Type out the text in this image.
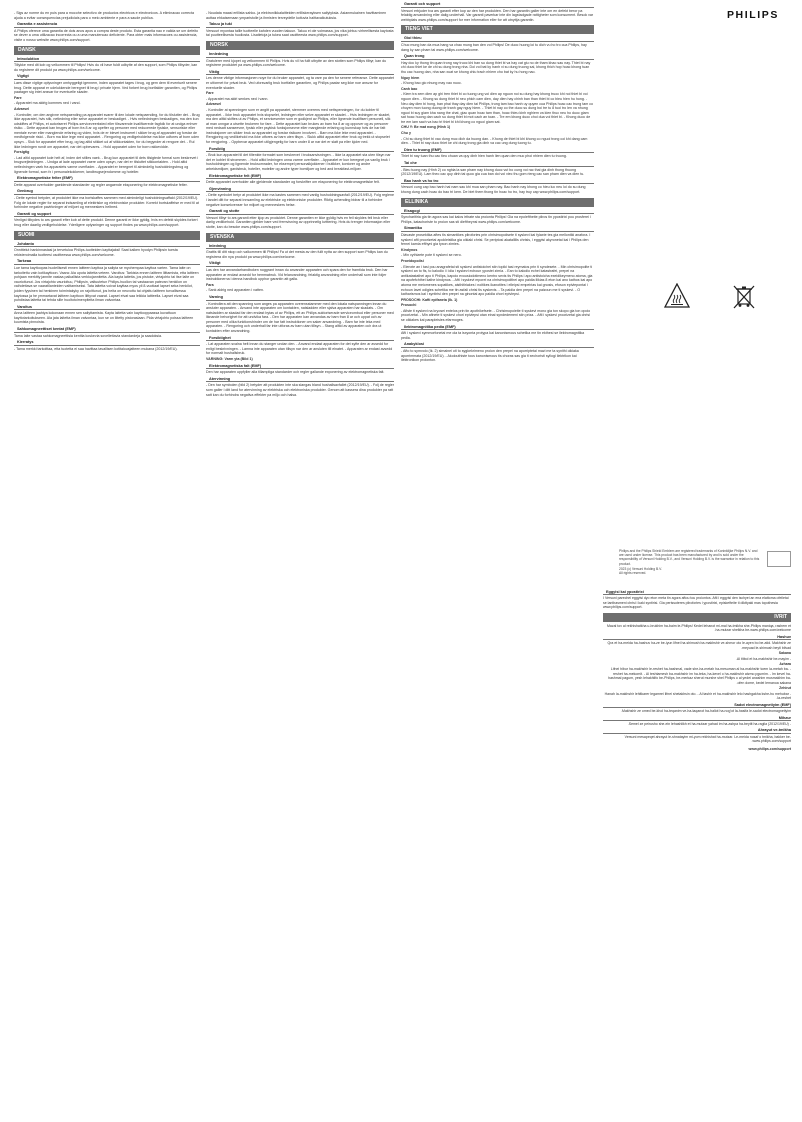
PHILIPS
- Sigs az norme du en puis para a mocohe selectivo de productos electricos e electronicos. A eliminacao correcta ajuda a evitar consequencias prejudiciais para o meio ambiente e para a saude publica.
Garantia e assistencia
A Philips oferece uma garantia de dois anos apos a compra deste produto. Esta garantia nao e valida se um defeito se dever a uma utilizacao incorrecta ou a uma manutencao deficiente. Para obter mais informacoes ou assistencia, visite o nosso website www.philips.com/support.
DANSK
Introduktion
Tillykke med dit kob og velkommen til Philips! Hvis du vil have fuldt udbytte af den support, som Philips tilbyder, kan du registrere dit produkt pa www.philips.com/welcome.
Vigtigt
Laes disse vigtige oplysninger omhyggeligt igennem, inden apparatet tages i brug, og gem dem til eventuelt senere brug. Dette apparat er udelukkende beregnet til brug i private hjem. Ved forkert brug bortfalder garantien, og Philips paatager sig intet ansvar for eventuelle skader.
Fare
- Apparatet ma aldrig kommes ned i vand.
Advarsel
- Kontroller, om den angivne netspaending pa apparatet svarer til den lokale netspaending, for du tilslutter det. - Brug ikke apparatet, hvis stik, netledning eller selve apparatet er beskadiget. - Hvis netledningen beskadiges, ma den kun udskiftes af Philips, et autoriseret Philips-serviceveerksted eller tilsvarende kvalificerede fagfolk for at undga enhver risiko. - Dette apparat kan bruges af born fra 8 ar og opefter og personer med reducerede fysiske, sensoriske eller mentale evner eller manglende erfaring og viden, hvis de er blevet instrueret i sikker brug af apparatet og forstar de medfolgende risici. - Born ma ikke lege med apparatet. - Rengoring og vedligeholdelse ma ikke udfores af born uden opsyn. - Sluk for apparatet efter brug, og tag altid stikket ud af stikkontakten, for du begynder at rengore det. - Rul ikke ledningen rundt om apparatet, nar det opbevares. - Hold apparatet uden for born rakkevidde.
Forsigtig
- Lad altid apparatet kole helt af, inden det stilles vaek. - Brug kun apparatet til dets tilsigtede formal som beskrevet i brugsvejledningen. - Undga at lade apparatet vaere uden opsyn, nar det er tilsluttet stikkontakten. - Hold altid netledningen vaek fra apparatets varme overflader. - Apparatet er beregnet til almindelig husholdningsbrug og lignende formal, som fx i personalekokkener, landbrugsejendomme og hoteller.
Elektromagnetiske felter (EMF)
Dette apparat overholder gaeldende standarder og regler angaende eksponering for elektromagnetiske felter.
Genbrug
- Dette symbol betyder, at produktet ikke ma bortskaffes sammen med almindeligt husholdningsaffald (2012/19/EU). Folg de lokale regler for separat indsamling af elektriske og elektroniske produkter. Korrekt bortskaffelse er med til at forhindre negative pavirkninger af miljoet og menneskers helbred.
Garanti og support
Venligst tilbydes to ars garanti efter kob af dette produkt. Denne garanti er ikke gyldig, hvis en defekt skyldes forkert brug eller daarlig vedligeholdelse. Yderligere oplysninger og support findes pa www.philips.com/support.
SUOMI
Johdanto
Onnittelut hankinnastasi ja tervetuloa Philips-tuotteiden kayttajaksi! Saat kaiken hyodyn Philipsin tuesta rekisteroimalla tuotteesi osoitteessa www.philips.com/welcome.
Tarkeaa
Lue tama kayttoopas huolellisesti ennen laitteen kayttoa ja sailyta se myohempaa kayttoa varten. Tama laite on tarkoitettu vain kotikayttoon. Vaara: Ala upota laitetta veteen. Varoitus: Tarkista ennen laitteen liittamista, etta laitteen pohjaan merkitty jannite vastaa paikallista verkkojannitetta. Ala kayta laitetta, jos pistoke, virtajohto tai itse laite on vaurioitunut. Jos virtajohto vaurioituu, Philipsin, valtuutetun Philips-huollon tai vastaavan patevan henkilon on vaihdettava se vaaratilanteiden valttamiseksi. Tata laitetta voivat kayttaa myos yli 8-vuotiaat lapset seka henkilot, joiden fyysinen tai henkinen toimintakyky on rajoittunut, jos heita on neuvottu tai ohjattu laitteen turvallisessa kaytossa ja he ymmartavat laitteen kayttoon liittyvat vaarat. Lapset eivat saa leikkia laitteella. Lapset eivat saa puhdistaa laitetta tai tehda sille huoltotoimenpiteita ilman valvontaa.
Varoitus
Anna laitteen jaahtya kokonaan ennen sen sailyttamista. Kayta laitetta vain kayttooppaassa kuvattuun kayttotarkoitukseen. Ala jata laitetta ilman valvontaa, kun se on liitetty pistorasiaan. Pida virtajohto poissa laitteen kuumista pinnoista.
Sahkomagneettiset kentat (EMF)
Tama laite vastaa sahkomagneettisia kenttia koskevia sovellettavia standardeja ja saadoksia.
Kierratys
- Tama merkki tarkoittaa, etta tuotetta ei saa havittaa tavallisen kotitalousjatteen mukana (2012/19/EU).
- Noudata maasi erillista sahko- ja elektroniikkalaitteiden erilliskerayksen sailytyksia. Asianmukainen havittaminen auttaa ehkaisemaan ymparistolle ja ihmisten terveydelle koituvia haittavaikutuksia.
Takuu ja tuki
Versuuri myontaa tallle tuotteelle kahden vuoden takuun. Takuu ei ole voimassa, jos vika johtuu virheellisesta kaytosta tai puutteellisesta huollosta. Lisatietoja ja tukea saat osoitteesta www.philips.com/support.
NORSK
Innledning
Gratulerer med kjopet og velkommen til Philips. Hvis du vil ha fullt utbytte av den stotten som Philips tilbyr, kan du registrere produktet pa www.philips.com/welcome.
Viktig
Les denne viktige informasjonen noye for du bruker apparatet, og ta vare pa den for senere referanse. Dette apparatet er utformet for privat bruk. Ved uforsvarlig bruk bortfaller garantien, og Philips paatar seg ikke noe ansvar for eventuelle skader.
Fare
- Apparatet ma aldri senkes ned i vann.
Advarsel
- Kontroller at spenningen som er angitt pa apparatet, stemmer overens med nettspenningen, for du kobler til apparatet. - Ikke bruk apparatet hvis stopselet, ledningen eller selve apparatet er skadet. - Hvis ledningen er skadet, ma den alltid skiftes ut av Philips, et servicesenter som er godkjent av Philips, eller lignende kvalifisert personell, slik at man unngar a utsette brukeren for fare. - Dette apparatet kan brukes av barn fra 8 ar og oppover og av personer med nedsatt sanseevne, fysisk eller psykisk funksjonsevne eller manglende erfaring og kunnskap hvis de har fatt instruksjoner om sikker bruk av apparatet og forstar risikoen involvert. - Barn ma ikke leke med apparatet. - Rengjoring og vedlikehold ma ikke utfores av barn uten tilsyn. - Slukk alltid apparatet etter bruk og trekk ut stopselet for rengjoring. - Oppbevar apparatet utilgjengelig for barn under 8 ar nar det er slatt pa eller kjoler ned.
Forsiktig
- Bruk kun apparatet til det tiltenkte formalet som beskrevet i bruksanvisningen. - Ikke la apparatet sta uten tilsyn nar det er koblet til strommen. - Hold alltid ledningen unna varme overflater. - Apparatet er kun beregnet pa vanlig bruk i husholdningen og lignende bruksomrader, for eksempel personalkjokkener i butikker, kontorer og andre arbeidsmiljoer, gardsbruk, hoteller, moteller og andre typer bomiljoer og bed and breakfast-miljoer.
Elektromagnetiske felt (EMF)
Dette apparatet overholder alle gjeldende standarder og forskrifter om eksponering for elektromagnetiske felt.
Gjenvinning
- Dette symbolet betyr at produktet ikke ma kastes sammen med vanlig husholdningsavfall (2012/19/EU). Folg reglene i landet ditt for separat innsamling av elektriske og elektroniske produkter. Riktig avhending bidrar til a forhindre negative konsekvenser for miljoet og menneskers helse.
Garanti og stotte
Versuni tilbyr to ars garanti etter kjop av produktet. Denne garantien er ikke gyldig hvis en feil skyldes feil bruk eller darlig vedlikehold. Garantien gjelder bare ved fremvisning av opprinnelig kvittering. Hvis du trenger informasjon eller stotte, kan du besoke www.philips.com/support.
SVENSKA
Inledning
Grattis till ditt nkop och valkommen till Philips! Fa ut det mesta av den fullt nytta av den support som Philips kan du registrera din nya produkt pa www.philips.com/welcome.
Viktigt
Las den har anvandarhandboken noggrant innan du anvander apparaten och spara den for framtida bruk. Den har apparaten ar endast avsedd for hemmabruk. Vid felanvandning, felaktig anvandning eller underhall som inte foljer instruktionerna i denna handbok upphor garantin att galla.
Fara
- Sank aldrig ned apparaten i vatten.
Varning
- Kontrollera att den spanning som anges pa apparaten overensstammer med den lokala natspanningen innan du ansluter apparaten. - Anvand inte apparaten om kontakten, natsladden eller sjalva apparaten har skadats. - Om natsladden ar skadad far den endast bytas ut av Philips, ett av Philips auktoriserade serviceombud eller personer med liknande behorighet for att undvika fara. - Den har apparaten kan anvandas av barn fran 8 ar och uppat och av personer med olika funktionshinder om de har fatt instruktioner om saker anvandning. - Barn far inte leka med apparaten. - Rengoring och underhall far inte utforas av barn utan tillsyn. - Stang alltid av apparaten och dra ut kontakten efter anvandning.
Forsiktighet
- Lat apparaten svalna helt innan du stanger undan den. - Anvand endast apparaten for det syfte den ar avsedd for enligt beskrivningen. - Lamna inte apparaten utan tillsyn nar den ar ansluten till elnatet. - Apparaten ar endast avsedd for normalt hushallsbruk.
VARNING: Varm yta (Bild 1)
Elektromagnetiska falt (EMF)
Den har apparaten uppfyller alla tillampliga standarder och regler gallande exponering av elektromagnetiska falt.
Atervinning
- Den har symbolen (bild 2) betyder att produkten inte ska slangas bland hushallsavfallet (2012/19/EU). - Folj de regler som galler i ditt land for atervinning av elektriska och elektroniska produkter. Genom att kassera dina produkter pa ratt satt kan du forhindra negativa effekter pa miljo och halsa.
Garanti och support
Versuni erbjuder tva ars garanti efter kop av den har produkten. Den har garantin galler inte om en defekt beror pa felaktig anvandning eller dalig underhall. Var garanti paverkar inte din lagstadgade rattigheter som konsument. Besok var webbplats www.philips.com/support for mer information eller for att utnyttja garantin.
TIENG VIET
Gioi thieu
Chuc mung ban da mua hang va chao mung ban den voi Philips! De duoc huong loi tu dich vu ho tro cua Philips, hay dang ky san pham tai www.philips.com/welcome.
Quan trong
Hay doc ky thong tin quan trong nay truoc khi ban su dung thiet bi va hay cat giu no de tham khao sau nay. Thiet bi nay chi duoc thiet ke de chi su dung trong nha. Doi voi bat ky hanh vi su dung truong sai, khong thich hop hoac khong tuan thu cac huong dan, nha san xuat se khong chiu trach nhiem cho bat ky hu hong nao.
Nguy hiem
- Khong bao gio nhung may vao nuoc.
Canh bao
- Kiem tra xem dien ap ghi tren thiet bi co tuong ung voi dien ap nguon noi su dung hay khong truoc khi noi thiet bi voi nguon dien. - Khong su dung thiet bi neu phich cam dien, day dien hay chinh ban than thiet bi co bieu hien hu hong. - Neu day dien bi hong, ban phai thay day dien tai Philips, trung tam bao hanh uy quyen cua Philips hoac cac trung tam co chuyen mon tuong duong de tranh gay nguy hiem. - Thiet bi nay co the duoc su dung boi tre tu 8 tuoi tro len va nhung nguoi bi suy giam kha nang the chat, giac quan hoac tam than, hoac thieu kinh nghiem va kien thuc neu ho duoc giam sat hoac huong dan cach su dung thiet bi mot cach an toan. - Tre em khong duoc choi dua voi thiet bi. - Khong duoc de tre em lam sach va bao tri thiet bi khi khong co nguoi giam sat.
CHU Y: Be mat nong (Hinh 1)
Chu y
- Chi su dung thiet bi vao dung muc dich da huong dan. - Khong de thiet bi khi khong co nguoi trong coi khi dang cam dien. - Thiet bi nay duoc thiet ke chi dung trong gia dinh va cac ung dung tuong tu.
Dien tu truong (EMF)
Thiet bi nay tuan thu cac tieu chuan va quy dinh hien hanh lien quan den muc phoi nhiem dien tu truong.
Tai che
- Bieu tuong nay (Hinh 2) co nghia la san pham nay khong duoc vut bo cung voi rac thai gia dinh thong thuong (2012/19/EU). Lam theo cac quy dinh tai quoc gia cua ban doi voi viec thu gom rieng cac san pham dien va dien tu.
Bao hanh va ho tro
Versuni cung cap bao hanh hai nam sau khi mua san pham nay. Bao hanh nay khong co hieu luc neu loi do su dung khong dung cach hoac do bao tri kem. De biet them thong tin hoac ho tro, hay truy cap www.philips.com/support.
ELLINIKA
Eisagogi
Syncharitiria gia tin agora sas kai kalos irthate sta proionta Philips! Gia na epoleftheite pliros tin ypostirixi pou prosferei i Philips, katachoriste to proion sas sti dieftheynsi www.philips.com/welcome.
Simantiko
Diavaste prosektika aftes tis simantikes plirofories prin chrisimopoiisete ti syskevi kai fylaxte tes gia mellontiki anafora. I syskevi afti proorizetai apokleistika gia oikiaki chrisi. Se periptosi akatallilis chrisis, i eggyisi akyronetai kai i Philips den fernei kamia efthyni gia tyxon zimies.
Kindynos
- Min vythizete pote ti syskevi se nero.
Proeidopoiisi
- Elenxte an i tasi pou anagrafetai sti syskevi antistoichei stin topiki tasi reymatos prin ti syndesete. - Min chrisimopoiite ti syskevi an to fis, to kalodio i i idia i syskevi echoun ypostei zimia. - Ean to kalodio echei katastrafei, prepei na antikatastathei apo ti Philips, kapoio exousiodotimeno kentro sevis tis Philips i apo antistoicha exeidikeymeno atoma, gia na apofefchthei kathe kindynos. - Afti i syskevi mporei na chrisimopoiithei apo paidia ilikias 8 eton kai ano kathos kai apo atoma me meiomenes sopatikes, aisthitiriakes i noitikes ikanotites i elleipsi empeirias kai gnosis, efoson epivlepontai i echoun lavei odigies schetika me tin asfali chrisi tis syskevis. - Ta paidia den prepei na paizoun me ti syskevi. - O katharismos kai i syntirisi den prepei na ginontai apo paidia chori epivlepsi.
PROSOCHI: Kafti epifaneia (Ik. 1)
Prosochi
- Afiste ti syskevi na kryosei entelos prin tin apothikefsete. - Chrisimopoieite ti syskevi mono gia ton skopo gia ton opoio proorizetai. - Min afinete ti syskevi chori epivlepsi otan einai syndedemeni stin priza. - Afti i syskevi proorizetai gia chrisi se oikiakes kai parapleisies efarmoges.
Ilektromagnitika pedia (EMF)
Afti i syskevi symmorfonetai me ola ta isxyonta protypa kai kanonismous schetika me tin ekthesi se ilektromagnitika pedia.
Anakyklosi
- Afto to symvolo (Ik. 2) simainei oti to sygkekrimeno proion den prepei na aporriptetai mazi me ta synithi oikiaka aporrimmata (2012/19/EU). - Akolouthiste tous kanonismous tis choras sas gia ti xechoristi syllogi ilektrikon kai ilektronikon proionton.
Philips and the Philips Shield Emblem are registered trademarks of Koninklijke Philips N.V. and are used under license. This product has been manufactured by and is sold under the responsibility of Versuni Holding B.V., and Versuni Holding B.V. is the warrantor in relation to this product.
2023 (c) Versuni Holding B.V.
All rights reserved.
Eggyisi kai ypostirixi
I Versuni parechei eggyisi dyo eton meta tin agora aftou tou proiontos. Afti i eggyisi den ischyei an ena elattoma ofeiletai se lanthasmeni chrisi i kaki syntirisi. Gia perissoteres plirofories i ypostirixi, episkefteite ti dikttyaki mas topothesia www.philips.com/support.
IVRIT
Mazal tov al rekhishatkha u-brukhim ha-baim le-Philips! Kedei lehanot mi-mal ha-tmikha she-Philips maniqa, rashem et ha-mutzar shelkha be-www.philips.com/welcome.
Hashuv
Qra et ha-meida ha-hashuv ha-ze be-iyun lifnei ha-shimush ba-makhshir ve-shmor oto le-ayen bo be-atid. Makhshir ze meyuad le-shimush beyti bilvad.
Sakana
- Al titbol et ha-makhshir be-mayim.
Azhara
- Lifnei hibur ha-makhshir le-reshet ha-hashmal, vade she-ha-metah ha-mesuman al ha-makhshir toem la-metah ba-reshet ha-mekomit. - Al teshtamesh ba-makhshir im ha-teka, ha-kevel o ha-makhshir atzmo pgumim. - Im kevel ha-hashmal pagum, yesh lehakhlifo be-Philips, be-merkaz sherut murshe shel Philips o al yedei anashim musmakhim ba-ofen dome, kedei lemanoa sakana.
Zehirut
- Hanah la-makhshir lehitkarer legamrei lifnei shetakhsin oto. - Al tashir et ha-makhshir lelo hashgakha kshe-hu mehubar la-reshet.
Sadot electromagnetiyim (EMF)
Makhshir ze omed be-khol ha-teqanim ve-ha-taqanot ha-haliot ha-nog'ot la-hasifa le-sadot electromagnetiyim.
Mihzur
- Semel ze peirusho she-ein lehashlikh et ha-mutzar yahad im ha-ashpa ha-beytit ha-ragila (2012/19/EU).
Ahrayut ve-tmikha
Versuni mesapeqet ahrayut le-shnatayim mi-yom rekhishat ha-mutzar. Le-meida nosaf o tmikha, bakker be-www.philips.com/support.
www.philips.com/support
